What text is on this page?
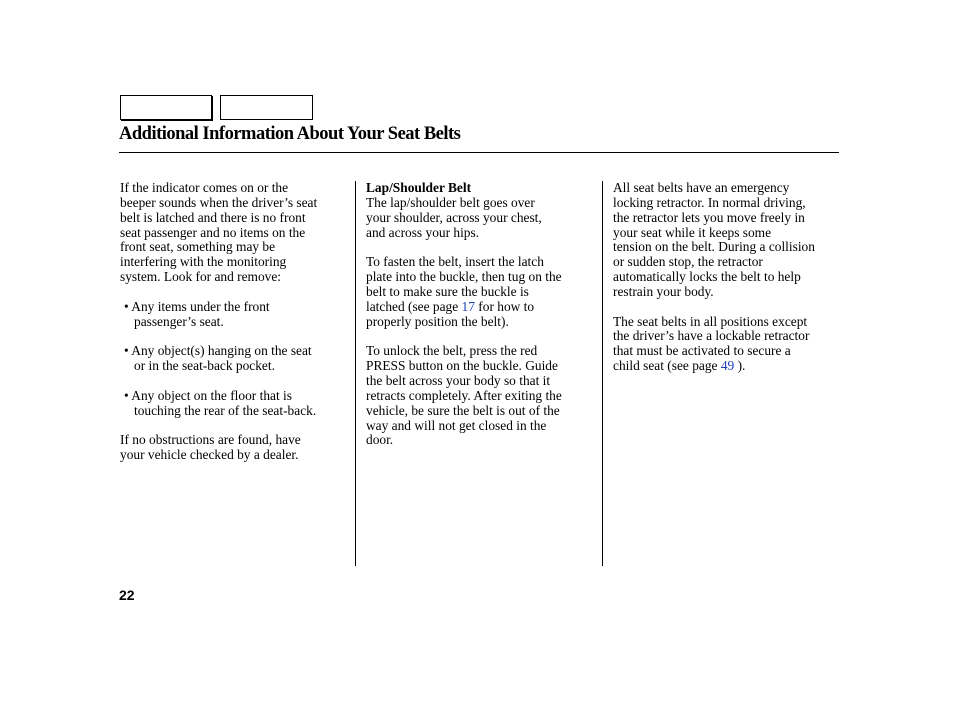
Additional Information About Your Seat Belts

If the indicator comes on or the
beeper sounds when the driver’s seat
belt is latched and there is no front
seat passenger and no items on the
front seat, something may be
interfering with the monitoring
system. Look for and remove:

• Any items under the front
passenger’s seat.
• Any object(s) hanging on the seat
or in the seat-back pocket.
• Any object on the floor that is
touching the rear of the seat-back.

If no obstructions are found, have
your vehicle checked by a dealer.

Lap/Shoulder Belt
The lap/shoulder belt goes over
your shoulder, across your chest,
and across your hips.

To fasten the belt, insert the latch
plate into the buckle, then tug on the
belt to make sure the buckle is
latched (see page 17 for how to
properly position the belt).

To unlock the belt, press the red
PRESS button on the buckle. Guide
the belt across your body so that it
retracts completely. After exiting the
vehicle, be sure the belt is out of the
way and will not get closed in the
door.

All seat belts have an emergency
locking retractor. In normal driving,
the retractor lets you move freely in
your seat while it keeps some
tension on the belt. During a collision
or sudden stop, the retractor
automatically locks the belt to help
restrain your body.

The seat belts in all positions except
the driver’s have a lockable retractor
that must be activated to secure a
child seat (see page 49 ).

22
